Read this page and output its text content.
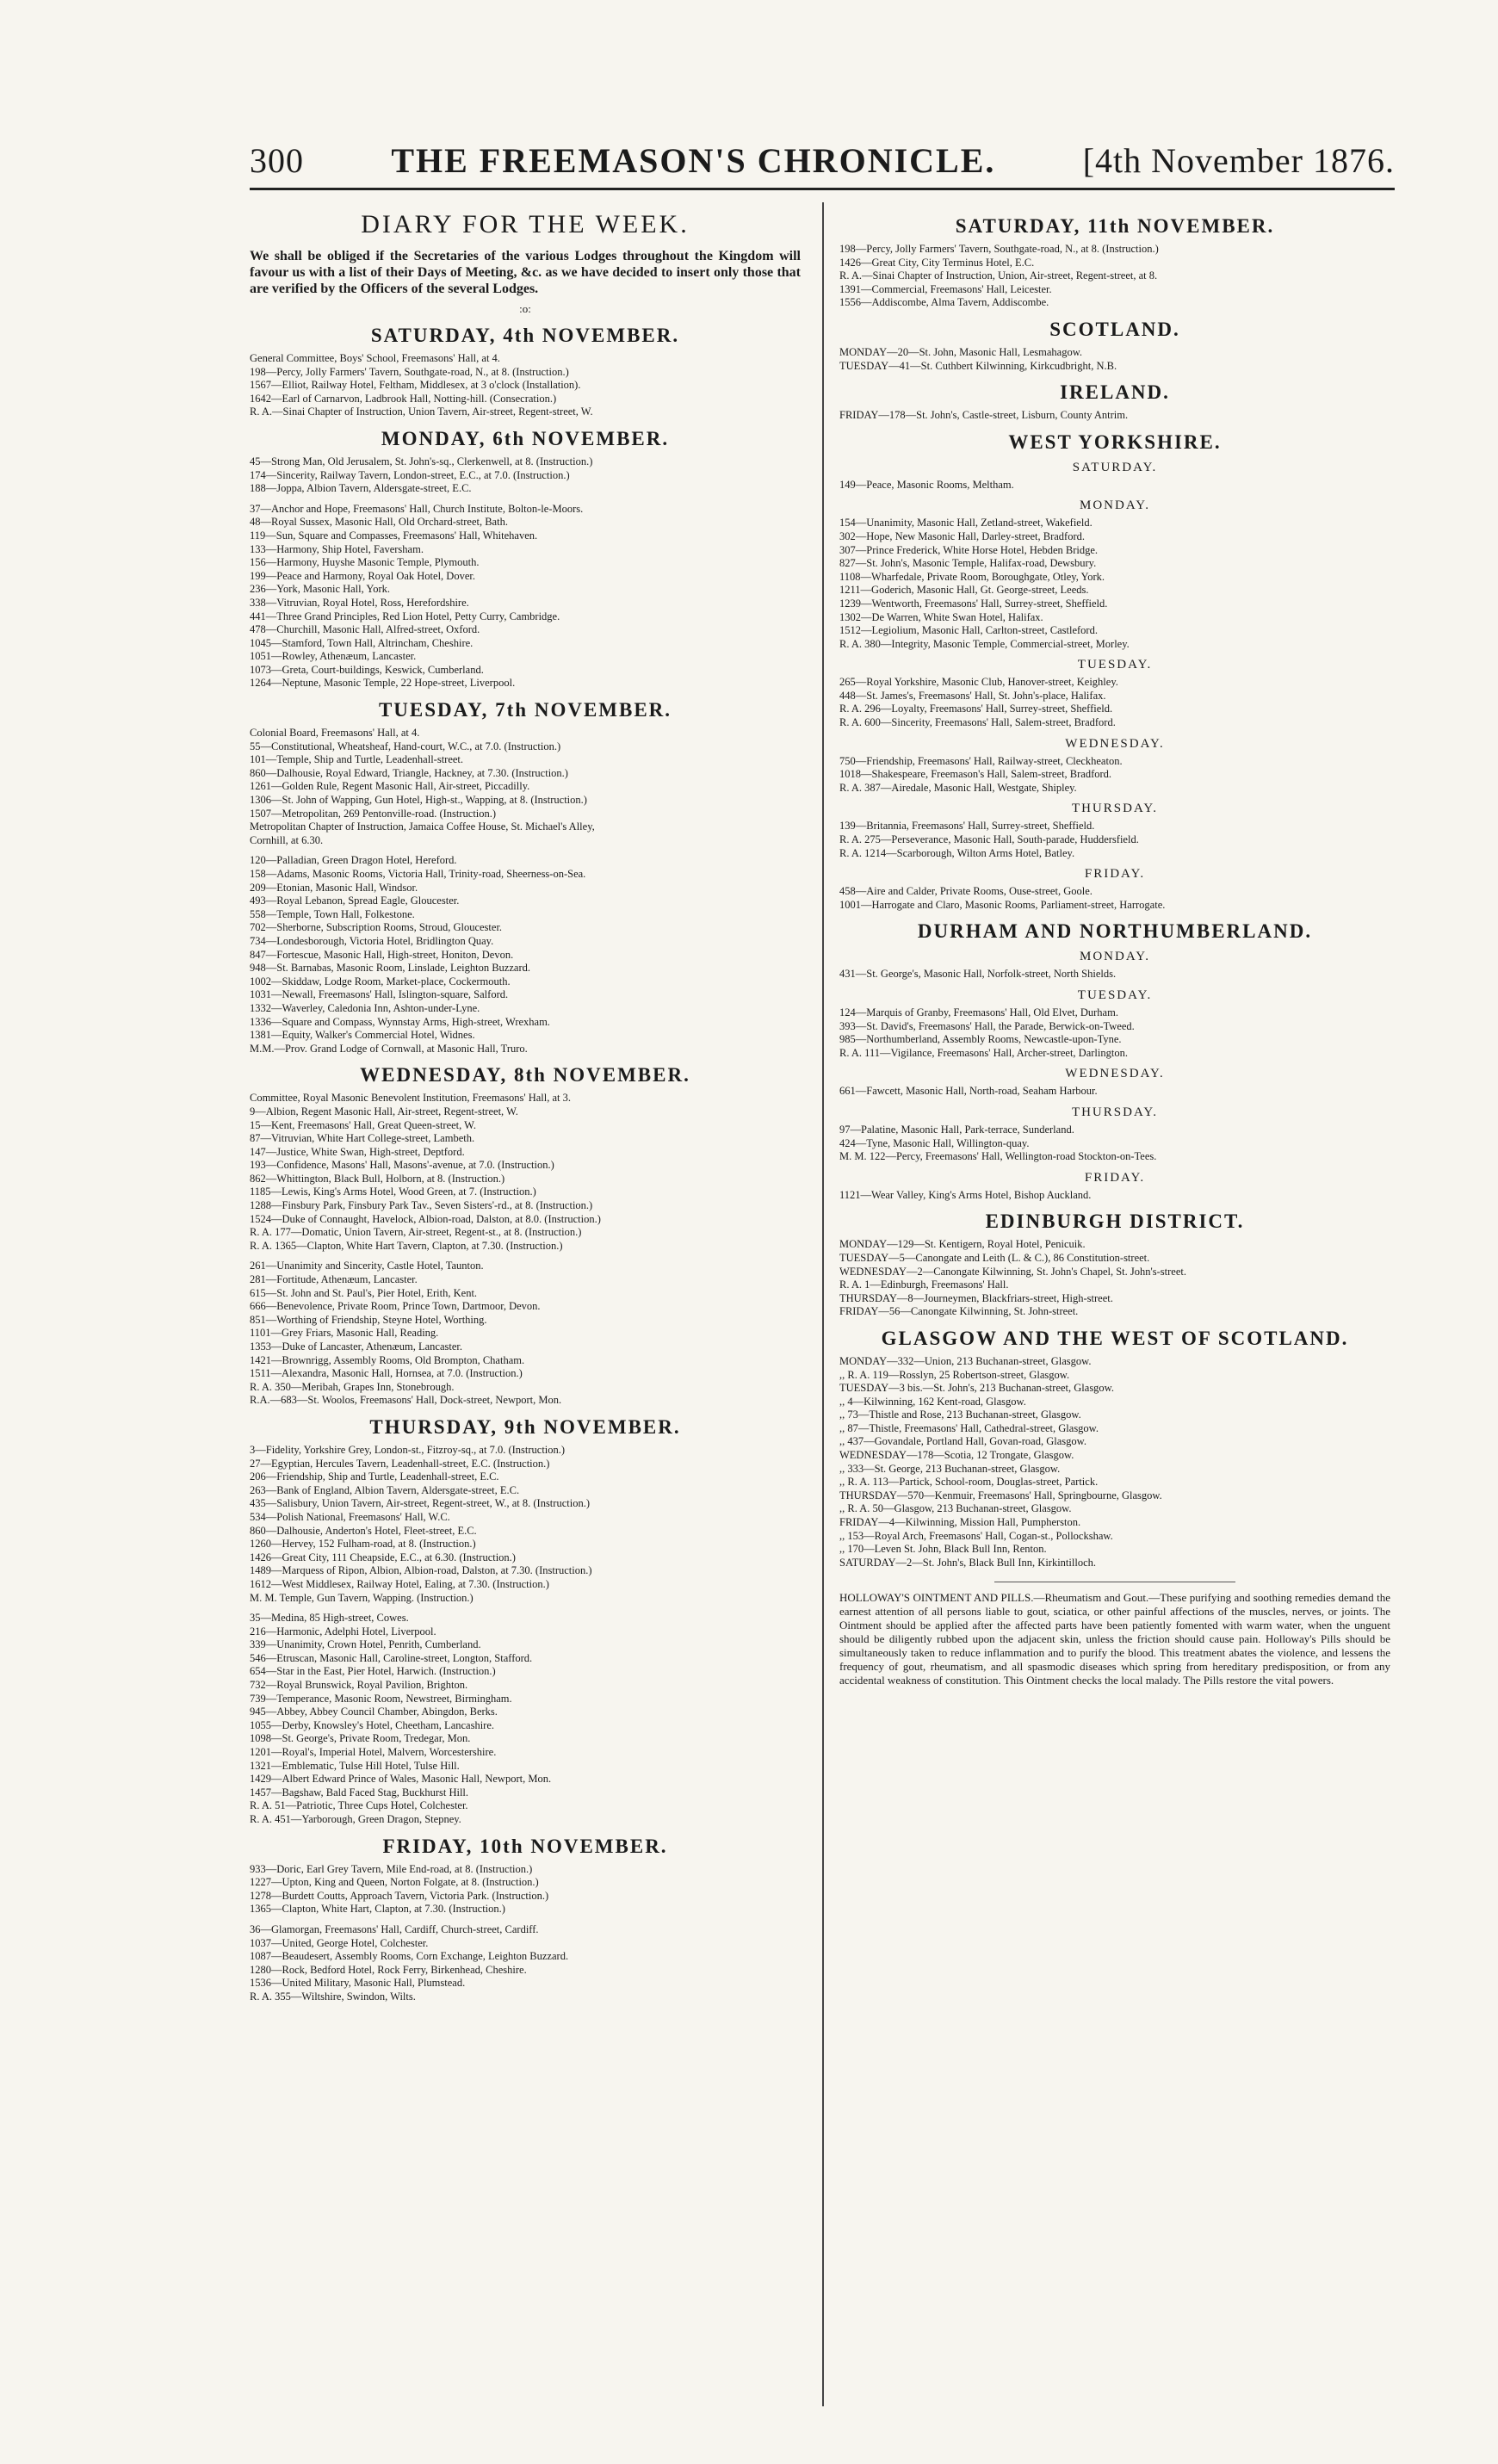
300	THE FREEMASON'S CHRONICLE.	[4th November 1876.
DIARY FOR THE WEEK.
We shall be obliged if the Secretaries of the various Lodges throughout the Kingdom will favour us with a list of their Days of Meeting, &c. as we have decided to insert only those that are verified by the Officers of the several Lodges.
:o:
SATURDAY, 4th NOVEMBER.
General Committee, Boys' School, Freemasons' Hall, at 4.
198—Percy, Jolly Farmers' Tavern, Southgate-road, N., at 8. (Instruction.)
1567—Elliot, Railway Hotel, Feltham, Middlesex, at 3 o'clock (Installation).
1642—Earl of Carnarvon, Ladbrook Hall, Notting-hill. (Consecration.)
R. A.—Sinai Chapter of Instruction, Union Tavern, Air-street, Regent-street, W.
MONDAY, 6th NOVEMBER.
45—Strong Man, Old Jerusalem, St. John's-sq., Clerkenwell, at 8. (Instruction.)
174—Sincerity, Railway Tavern, London-street, E.C., at 7.0. (Instruction.)
188—Joppa, Albion Tavern, Aldersgate-street, E.C.
37—Anchor and Hope, Freemasons' Hall, Church Institute, Bolton-le-Moors.
48—Royal Sussex, Masonic Hall, Old Orchard-street, Bath.
119—Sun, Square and Compasses, Freemasons' Hall, Whitehaven.
133—Harmony, Ship Hotel, Faversham.
156—Harmony, Huyshe Masonic Temple, Plymouth.
199—Peace and Harmony, Royal Oak Hotel, Dover.
236—York, Masonic Hall, York.
338—Vitruvian, Royal Hotel, Ross, Herefordshire.
441—Three Grand Principles, Red Lion Hotel, Petty Curry, Cambridge.
478—Churchill, Masonic Hall, Alfred-street, Oxford.
1045—Stamford, Town Hall, Altrincham, Cheshire.
1051—Rowley, Athenæum, Lancaster.
1073—Greta, Court-buildings, Keswick, Cumberland.
1264—Neptune, Masonic Temple, 22 Hope-street, Liverpool.
TUESDAY, 7th NOVEMBER.
Colonial Board, Freemasons' Hall, at 4.
55—Constitutional, Wheatsheaf, Hand-court, W.C., at 7.0. (Instruction.)
101—Temple, Ship and Turtle, Leadenhall-street.
860—Dalhousie, Royal Edward, Triangle, Hackney, at 7.30. (Instruction.)
1261—Golden Rule, Regent Masonic Hall, Air-street, Piccadilly.
1306—St. John of Wapping, Gun Hotel, High-st., Wapping, at 8. (Instruction.)
1507—Metropolitan, 269 Pentonville-road. (Instruction.)
Metropolitan Chapter of Instruction, Jamaica Coffee House, St. Michael's Alley,
Cornhill, at 6.30.
120—Palladian, Green Dragon Hotel, Hereford.
158—Adams, Masonic Rooms, Victoria Hall, Trinity-road, Sheerness-on-Sea.
209—Etonian, Masonic Hall, Windsor.
493—Royal Lebanon, Spread Eagle, Gloucester.
558—Temple, Town Hall, Folkestone.
702—Sherborne, Subscription Rooms, Stroud, Gloucester.
734—Londesborough, Victoria Hotel, Bridlington Quay.
847—Fortescue, Masonic Hall, High-street, Honiton, Devon.
948—St. Barnabas, Masonic Room, Linslade, Leighton Buzzard.
1002—Skiddaw, Lodge Room, Market-place, Cockermouth.
1031—Newall, Freemasons' Hall, Islington-square, Salford.
1332—Waverley, Caledonia Inn, Ashton-under-Lyne.
1336—Square and Compass, Wynnstay Arms, High-street, Wrexham.
1381—Equity, Walker's Commercial Hotel, Widnes.
M.M.—Prov. Grand Lodge of Cornwall, at Masonic Hall, Truro.
WEDNESDAY, 8th NOVEMBER.
Committee, Royal Masonic Benevolent Institution, Freemasons' Hall, at 3.
9—Albion, Regent Masonic Hall, Air-street, Regent-street, W.
15—Kent, Freemasons' Hall, Great Queen-street, W.
87—Vitruvian, White Hart College-street, Lambeth.
147—Justice, White Swan, High-street, Deptford.
193—Confidence, Masons' Hall, Masons'-avenue, at 7.0. (Instruction.)
862—Whittington, Black Bull, Holborn, at 8. (Instruction.)
1185—Lewis, King's Arms Hotel, Wood Green, at 7. (Instruction.)
1288—Finsbury Park, Finsbury Park Tav., Seven Sisters'-rd., at 8. (Instruction.)
1524—Duke of Connaught, Havelock, Albion-road, Dalston, at 8.0. (Instruction.)
R. A. 177—Domatic, Union Tavern, Air-street, Regent-st., at 8. (Instruction.)
R. A. 1365—Clapton, White Hart Tavern, Clapton, at 7.30. (Instruction.)
261—Unanimity and Sincerity, Castle Hotel, Taunton.
281—Fortitude, Athenæum, Lancaster.
615—St. John and St. Paul's, Pier Hotel, Erith, Kent.
666—Benevolence, Private Room, Prince Town, Dartmoor, Devon.
851—Worthing of Friendship, Steyne Hotel, Worthing.
1101—Grey Friars, Masonic Hall, Reading.
1353—Duke of Lancaster, Athenæum, Lancaster.
1421—Brownrigg, Assembly Rooms, Old Brompton, Chatham.
1511—Alexandra, Masonic Hall, Hornsea, at 7.0. (Instruction.)
R. A. 350—Meribah, Grapes Inn, Stonebrough.
R.A.—683—St. Woolos, Freemasons' Hall, Dock-street, Newport, Mon.
THURSDAY, 9th NOVEMBER.
3—Fidelity, Yorkshire Grey, London-st., Fitzroy-sq., at 7.0. (Instruction.)
27—Egyptian, Hercules Tavern, Leadenhall-street, E.C. (Instruction.)
206—Friendship, Ship and Turtle, Leadenhall-street, E.C.
263—Bank of England, Albion Tavern, Aldersgate-street, E.C.
435—Salisbury, Union Tavern, Air-street, Regent-street, W., at 8. (Instruction.)
534—Polish National, Freemasons' Hall, W.C.
860—Dalhousie, Anderton's Hotel, Fleet-street, E.C.
1260—Hervey, 152 Fulham-road, at 8. (Instruction.)
1426—Great City, 111 Cheapside, E.C., at 6.30. (Instruction.)
1489—Marquess of Ripon, Albion, Albion-road, Dalston, at 7.30. (Instruction.)
1612—West Middlesex, Railway Hotel, Ealing, at 7.30. (Instruction.)
M. M. Temple, Gun Tavern, Wapping. (Instruction.)
35—Medina, 85 High-street, Cowes.
216—Harmonic, Adelphi Hotel, Liverpool.
339—Unanimity, Crown Hotel, Penrith, Cumberland.
546—Etruscan, Masonic Hall, Caroline-street, Longton, Stafford.
654—Star in the East, Pier Hotel, Harwich. (Instruction.)
732—Royal Brunswick, Royal Pavilion, Brighton.
739—Temperance, Masonic Room, Newstreet, Birmingham.
945—Abbey, Abbey Council Chamber, Abingdon, Berks.
1055—Derby, Knowsley's Hotel, Cheetham, Lancashire.
1098—St. George's, Private Room, Tredegar, Mon.
1201—Royal's, Imperial Hotel, Malvern, Worcestershire.
1321—Emblematic, Tulse Hill Hotel, Tulse Hill.
1429—Albert Edward Prince of Wales, Masonic Hall, Newport, Mon.
1457—Bagshaw, Bald Faced Stag, Buckhurst Hill.
R. A. 51—Patriotic, Three Cups Hotel, Colchester.
R. A. 451—Yarborough, Green Dragon, Stepney.
FRIDAY, 10th NOVEMBER.
933—Doric, Earl Grey Tavern, Mile End-road, at 8. (Instruction.)
1227—Upton, King and Queen, Norton Folgate, at 8. (Instruction.)
1278—Burdett Coutts, Approach Tavern, Victoria Park. (Instruction.)
1365—Clapton, White Hart, Clapton, at 7.30. (Instruction.)
36—Glamorgan, Freemasons' Hall, Cardiff, Church-street, Cardiff.
1037—United, George Hotel, Colchester.
1087—Beaudesert, Assembly Rooms, Corn Exchange, Leighton Buzzard.
1280—Rock, Bedford Hotel, Rock Ferry, Birkenhead, Cheshire.
1536—United Military, Masonic Hall, Plumstead.
R. A. 355—Wiltshire, Swindon, Wilts.
SATURDAY, 11th NOVEMBER.
198—Percy, Jolly Farmers' Tavern, Southgate-road, N., at 8. (Instruction.)
1426—Great City, City Terminus Hotel, E.C.
R. A.—Sinai Chapter of Instruction, Union, Air-street, Regent-street, at 8.
1391—Commercial, Freemasons' Hall, Leicester.
1556—Addiscombe, Alma Tavern, Addiscombe.
SCOTLAND.
MONDAY—20—St. John, Masonic Hall, Lesmahagow.
TUESDAY—41—St. Cuthbert Kilwinning, Kirkcudbright, N.B.
IRELAND.
FRIDAY—178—St. John's, Castle-street, Lisburn, County Antrim.
WEST YORKSHIRE.
SATURDAY.
149—Peace, Masonic Rooms, Meltham.
MONDAY.
154—Unanimity, Masonic Hall, Zetland-street, Wakefield.
302—Hope, New Masonic Hall, Darley-street, Bradford.
307—Prince Frederick, White Horse Hotel, Hebden Bridge.
827—St. John's, Masonic Temple, Halifax-road, Dewsbury.
1108—Wharfedale, Private Room, Boroughgate, Otley, York.
1211—Goderich, Masonic Hall, Gt. George-street, Leeds.
1239—Wentworth, Freemasons' Hall, Surrey-street, Sheffield.
1302—De Warren, White Swan Hotel, Halifax.
1512—Legiolium, Masonic Hall, Carlton-street, Castleford.
R. A. 380—Integrity, Masonic Temple, Commercial-street, Morley.
TUESDAY.
265—Royal Yorkshire, Masonic Club, Hanover-street, Keighley.
448—St. James's, Freemasons' Hall, St. John's-place, Halifax.
R. A. 296—Loyalty, Freemasons' Hall, Surrey-street, Sheffield.
R. A. 600—Sincerity, Freemasons' Hall, Salem-street, Bradford.
WEDNESDAY.
750—Friendship, Freemasons' Hall, Railway-street, Cleckheaton.
1018—Shakespeare, Freemason's Hall, Salem-street, Bradford.
R. A. 387—Airedale, Masonic Hall, Westgate, Shipley.
THURSDAY.
139—Britannia, Freemasons' Hall, Surrey-street, Sheffield.
R. A. 275—Perseverance, Masonic Hall, South-parade, Huddersfield.
R. A. 1214—Scarborough, Wilton Arms Hotel, Batley.
FRIDAY.
458—Aire and Calder, Private Rooms, Ouse-street, Goole.
1001—Harrogate and Claro, Masonic Rooms, Parliament-street, Harrogate.
DURHAM AND NORTHUMBERLAND.
MONDAY.
431—St. George's, Masonic Hall, Norfolk-street, North Shields.
TUESDAY.
124—Marquis of Granby, Freemasons' Hall, Old Elvet, Durham.
393—St. David's, Freemasons' Hall, the Parade, Berwick-on-Tweed.
985—Northumberland, Assembly Rooms, Newcastle-upon-Tyne.
R. A. 111—Vigilance, Freemasons' Hall, Archer-street, Darlington.
WEDNESDAY.
661—Fawcett, Masonic Hall, North-road, Seaham Harbour.
THURSDAY.
97—Palatine, Masonic Hall, Park-terrace, Sunderland.
424—Tyne, Masonic Hall, Willington-quay.
M. M. 122—Percy, Freemasons' Hall, Wellington-road Stockton-on-Tees.
FRIDAY.
1121—Wear Valley, King's Arms Hotel, Bishop Auckland.
EDINBURGH DISTRICT.
MONDAY—129—St. Kentigern, Royal Hotel, Penicuik.
TUESDAY—5—Canongate and Leith (L. & C.), 86 Constitution-street.
WEDNESDAY—2—Canongate Kilwinning, St. John's Chapel, St. John's-street.
R. A. 1—Edinburgh, Freemasons' Hall.
THURSDAY—8—Journeymen, Blackfriars-street, High-street.
FRIDAY—56—Canongate Kilwinning, St. John-street.
GLASGOW AND THE WEST OF SCOTLAND.
MONDAY—332—Union, 213 Buchanan-street, Glasgow.
,, R. A. 119—Rosslyn, 25 Robertson-street, Glasgow.
TUESDAY—3 bis.—St. John's, 213 Buchanan-street, Glasgow.
,, 4—Kilwinning, 162 Kent-road, Glasgow.
,, 73—Thistle and Rose, 213 Buchanan-street, Glasgow.
,, 87—Thistle, Freemasons' Hall, Cathedral-street, Glasgow.
,, 437—Govandale, Portland Hall, Govan-road, Glasgow.
WEDNESDAY—178—Scotia, 12 Trongate, Glasgow.
,, 333—St. George, 213 Buchanan-street, Glasgow.
,, R. A. 113—Partick, School-room, Douglas-street, Partick.
THURSDAY—570—Kenmuir, Freemasons' Hall, Springbourne, Glasgow.
,, R. A. 50—Glasgow, 213 Buchanan-street, Glasgow.
FRIDAY—4—Kilwinning, Mission Hall, Pumpherston.
,, 153—Royal Arch, Freemasons' Hall, Cogan-st., Pollockshaw.
,, 170—Leven St. John, Black Bull Inn, Renton.
SATURDAY—2—St. John's, Black Bull Inn, Kirkintilloch.
HOLLOWAY'S OINTMENT AND PILLS.—Rheumatism and Gout.—These purifying and soothing remedies demand the earnest attention of all persons liable to gout, sciatica, or other painful affections of the muscles, nerves, or joints. The Ointment should be applied after the affected parts have been patiently fomented with warm water, when the unguent should be diligently rubbed upon the adjacent skin, unless the friction should cause pain. Holloway's Pills should be simultaneously taken to reduce inflammation and to purify the blood. This treatment abates the violence, and lessens the frequency of gout, rheumatism, and all spasmodic diseases which spring from hereditary predisposition, or from any accidental weakness of constitution. This Ointment checks the local malady. The Pills restore the vital powers.
